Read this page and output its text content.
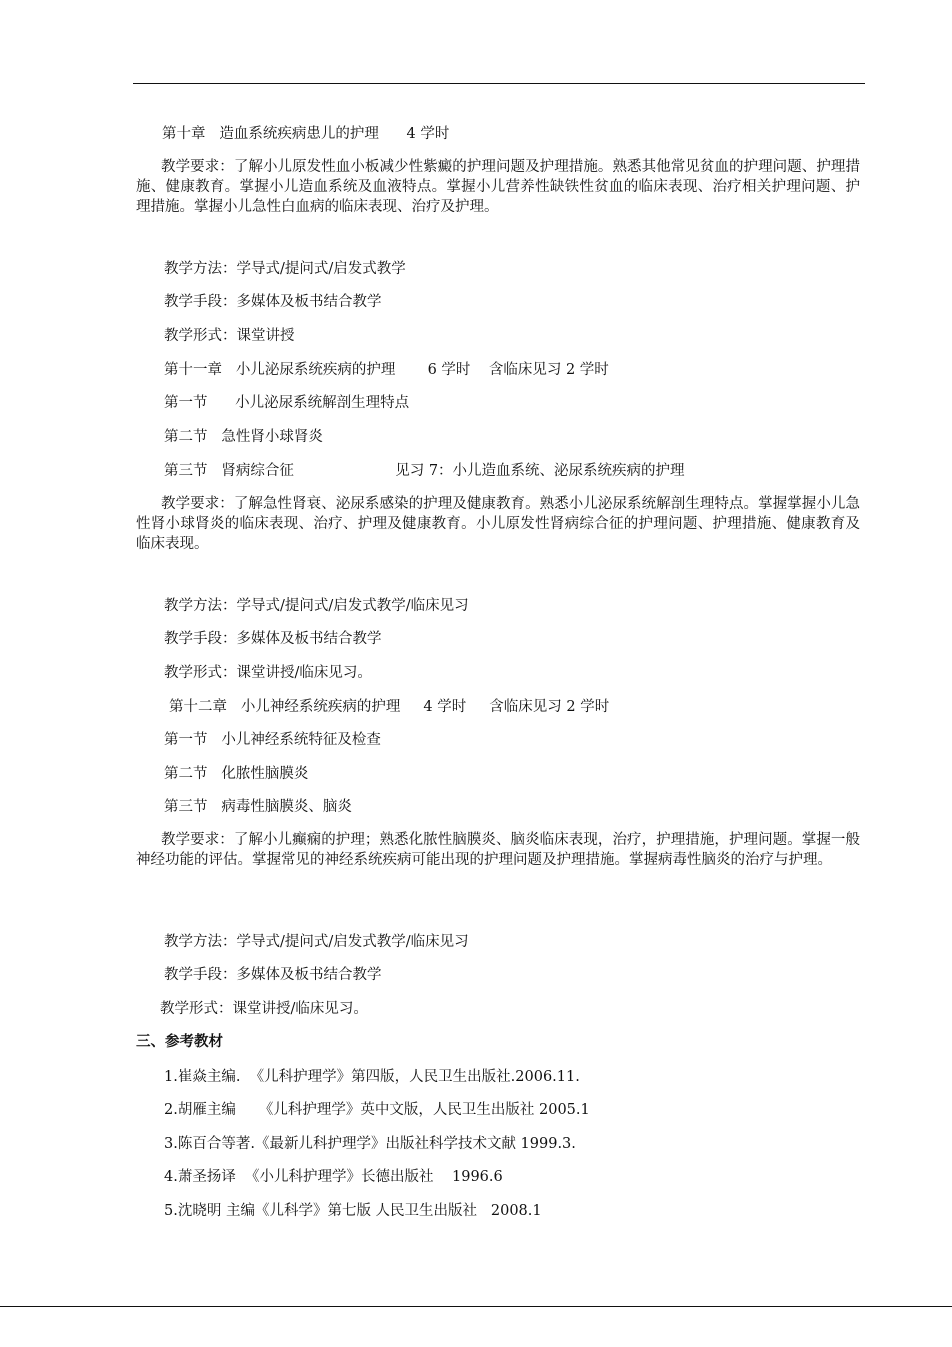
第十章   造血系统疾病患儿的护理      4 学时
教学要求：了解小儿原发性血小板减少性紫癜的护理问题及护理措施。熟悉其他常见贫血的护理问题、护理措施、健康教育。掌握小儿造血系统及血液特点。掌握小儿营养性缺铁性贫血的临床表现、治疗相关护理问题、护理措施。掌握小儿急性白血病的临床表现、治疗及护理。
教学方法：学导式/提问式/启发式教学
教学手段：多媒体及板书结合教学
教学形式：课堂讲授
第十一章   小儿泌尿系统疾病的护理       6 学时    含临床见习 2 学时
第一节      小儿泌尿系统解剖生理特点
第二节   急性肾小球肾炎
第三节   肾病综合征                      见习 7：小儿造血系统、泌尿系统疾病的护理
教学要求：了解急性肾衰、泌尿系感染的护理及健康教育。熟悉小儿泌尿系统解剖生理特点。掌握掌握小儿急性肾小球肾炎的临床表现、治疗、护理及健康教育。小儿原发性肾病综合征的护理问题、护理措施、健康教育及临床表现。
教学方法：学导式/提问式/启发式教学/临床见习
教学手段：多媒体及板书结合教学
教学形式：课堂讲授/临床见习。
第十二章   小儿神经系统疾病的护理     4 学时     含临床见习 2 学时
第一节   小儿神经系统特征及检查
第二节   化脓性脑膜炎
第三节   病毒性脑膜炎、脑炎
教学要求：了解小儿癫痫的护理；熟悉化脓性脑膜炎、脑炎临床表现，治疗，护理措施，护理问题。掌握一般神经功能的评估。掌握常见的神经系统疾病可能出现的护理问题及护理措施。掌握病毒性脑炎的治疗与护理。
教学方法：学导式/提问式/启发式教学/临床见习
教学手段：多媒体及板书结合教学
教学形式：课堂讲授/临床见习。
三、参考教材
1.崔焱主编.  《儿科护理学》第四版，人民卫生出版社.2006.11.
2.胡雁主编     《儿科护理学》英中文版，人民卫生出版社 2005.1
3.陈百合等著.《最新儿科护理学》出版社科学技术文献 1999.3.
4.萧圣扬译  《小儿科护理学》长德出版社    1996.6
5.沈晓明 主编《儿科学》第七版 人民卫生出版社   2008.1
